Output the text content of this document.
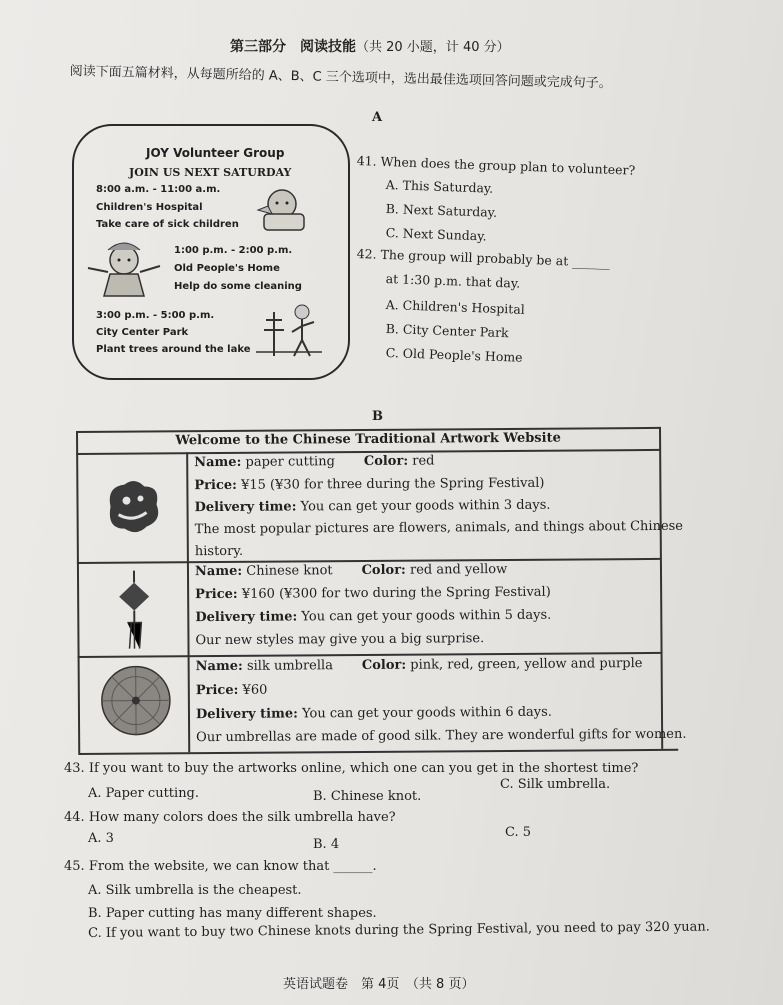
第三部分　阅读技能（共 20 小题，计 40 分）
阅读下面五篇材料，从每题所给的 A、B、C 三个选项中，选出最佳选项回答问题或完成句子。
A
JOY Volunteer Group
JOIN US NEXT SATURDAY
8:00 a.m. - 11:00 a.m.
Children's Hospital
Take care of sick children
1:00 p.m. - 2:00 p.m.
Old People's Home
Help do some cleaning
3:00 p.m. - 5:00 p.m.
City Center Park
Plant trees around the lake
41. When does the group plan to volunteer?
A. This Saturday.
B. Next Saturday.
C. Next Sunday.
42. The group will probably be at ______
at 1:30 p.m. that day.
A. Children's Hospital
B. City Center Park
C. Old People's Home
B
Welcome to the Chinese Traditional Artwork Website
Name: paper cutting Color: red
Price: ¥15 (¥30 for three during the Spring Festival)
Delivery time: You can get your goods within 3 days.
The most popular pictures are flowers, animals, and things about Chinese
history.
Name: Chinese knot Color: red and yellow
Price: ¥160 (¥300 for two during the Spring Festival)
Delivery time: You can get your goods within 5 days.
Our new styles may give you a big surprise.
Name: silk umbrella Color: pink, red, green, yellow and purple
Price: ¥60
Delivery time: You can get your goods within 6 days.
Our umbrellas are made of good silk. They are wonderful gifts for women.
43. If you want to buy the artworks online, which one can you get in the shortest time?
A. Paper cutting.	B. Chinese knot.
C. Silk umbrella.
44. How many colors does the silk umbrella have?
A. 3	B. 4
C. 5
45. From the website, we can know that ______.
A. Silk umbrella is the cheapest.
B. Paper cutting has many different shapes.
C. If you want to buy two Chinese knots during the Spring Festival, you need to pay 320 yuan.
英语试题卷　第 4页　（共 8 页）
